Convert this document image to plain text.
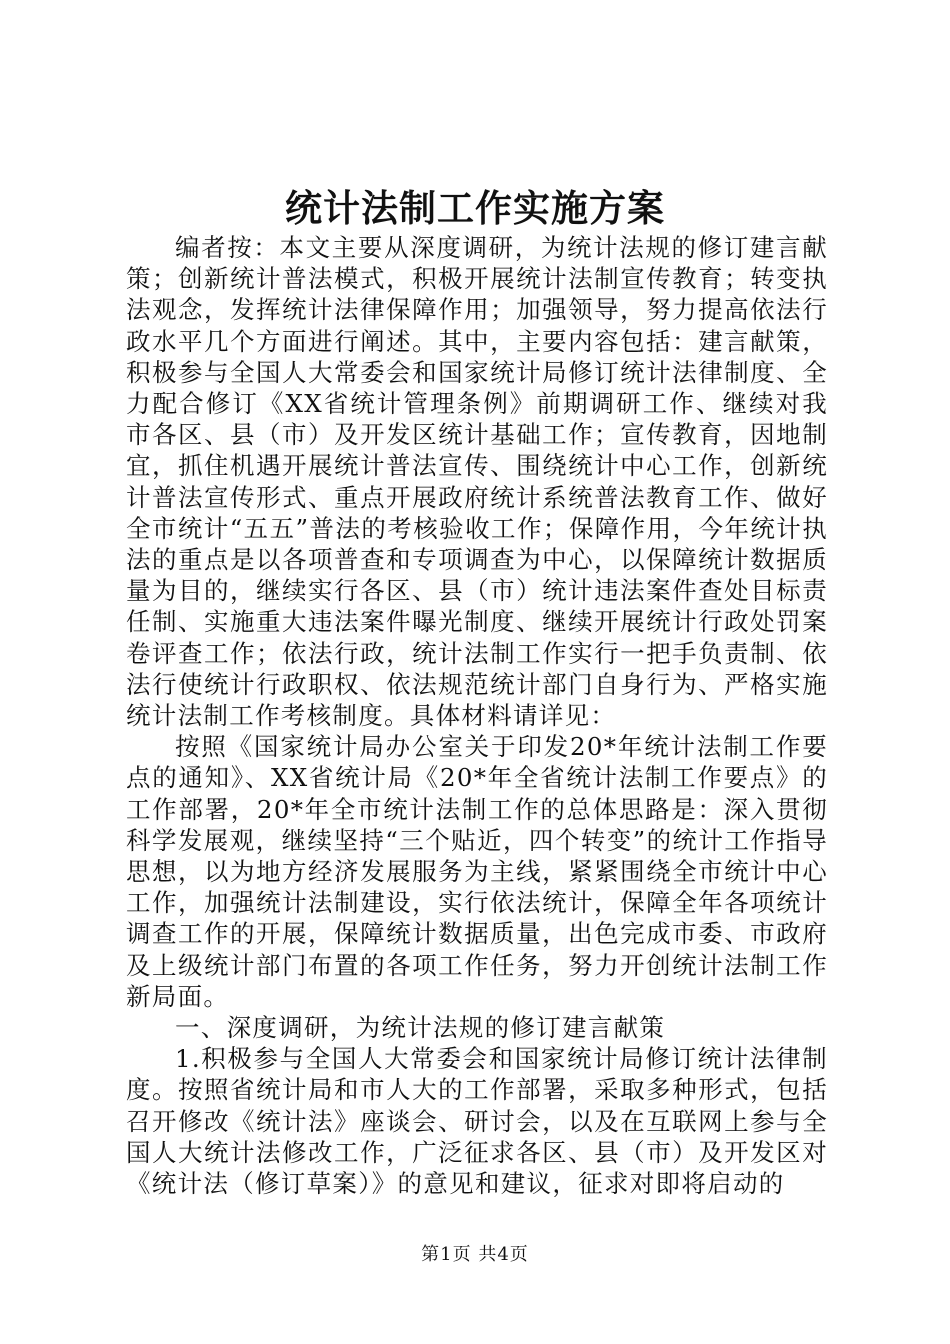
统计法制工作实施方案

编者按：本文主要从深度调研，为统计法规的修订建言献策；创新统计普法模式，积极开展统计法制宣传教育；转变执法观念，发挥统计法律保障作用；加强领导，努力提高依法行政水平几个方面进行阐述。其中，主要内容包括：建言献策，积极参与全国人大常委会和国家统计局修订统计法律制度、全力配合修订《XX省统计管理条例》前期调研工作、继续对我市各区、县（市）及开发区统计基础工作；宣传教育，因地制宜，抓住机遇开展统计普法宣传、围绕统计中心工作，创新统计普法宣传形式、重点开展政府统计系统普法教育工作、做好全市统计“五五”普法的考核验收工作；保障作用，今年统计执法的重点是以各项普查和专项调查为中心，以保障统计数据质量为目的，继续实行各区、县（市）统计违法案件查处目标责任制、实施重大违法案件曝光制度、继续开展统计行政处罚案卷评查工作；依法行政，统计法制工作实行一把手负责制、依法行使统计行政职权、依法规范统计部门自身行为、严格实施统计法制工作考核制度。具体材料请详见：

按照《国家统计局办公室关于印发20*年统计法制工作要点的通知》、XX省统计局《20*年全省统计法制工作要点》的工作部署，20*年全市统计法制工作的总体思路是：深入贯彻科学发展观，继续坚持“三个贴近，四个转变”的统计工作指导思想，以为地方经济发展服务为主线，紧紧围绕全市统计中心工作，加强统计法制建设，实行依法统计，保障全年各项统计调查工作的开展，保障统计数据质量，出色完成市委、市政府及上级统计部门布置的各项工作任务，努力开创统计法制工作新局面。

一、深度调研，为统计法规的修订建言献策

1.积极参与全国人大常委会和国家统计局修订统计法律制度。按照省统计局和市人大的工作部署，采取多种形式，包括召开修改《统计法》座谈会、研讨会，以及在互联网上参与全国人大统计法修改工作，广泛征求各区、县（市）及开发区对《统计法（修订草案）》的意见和建议，征求对即将启动的

第1页 共4页
